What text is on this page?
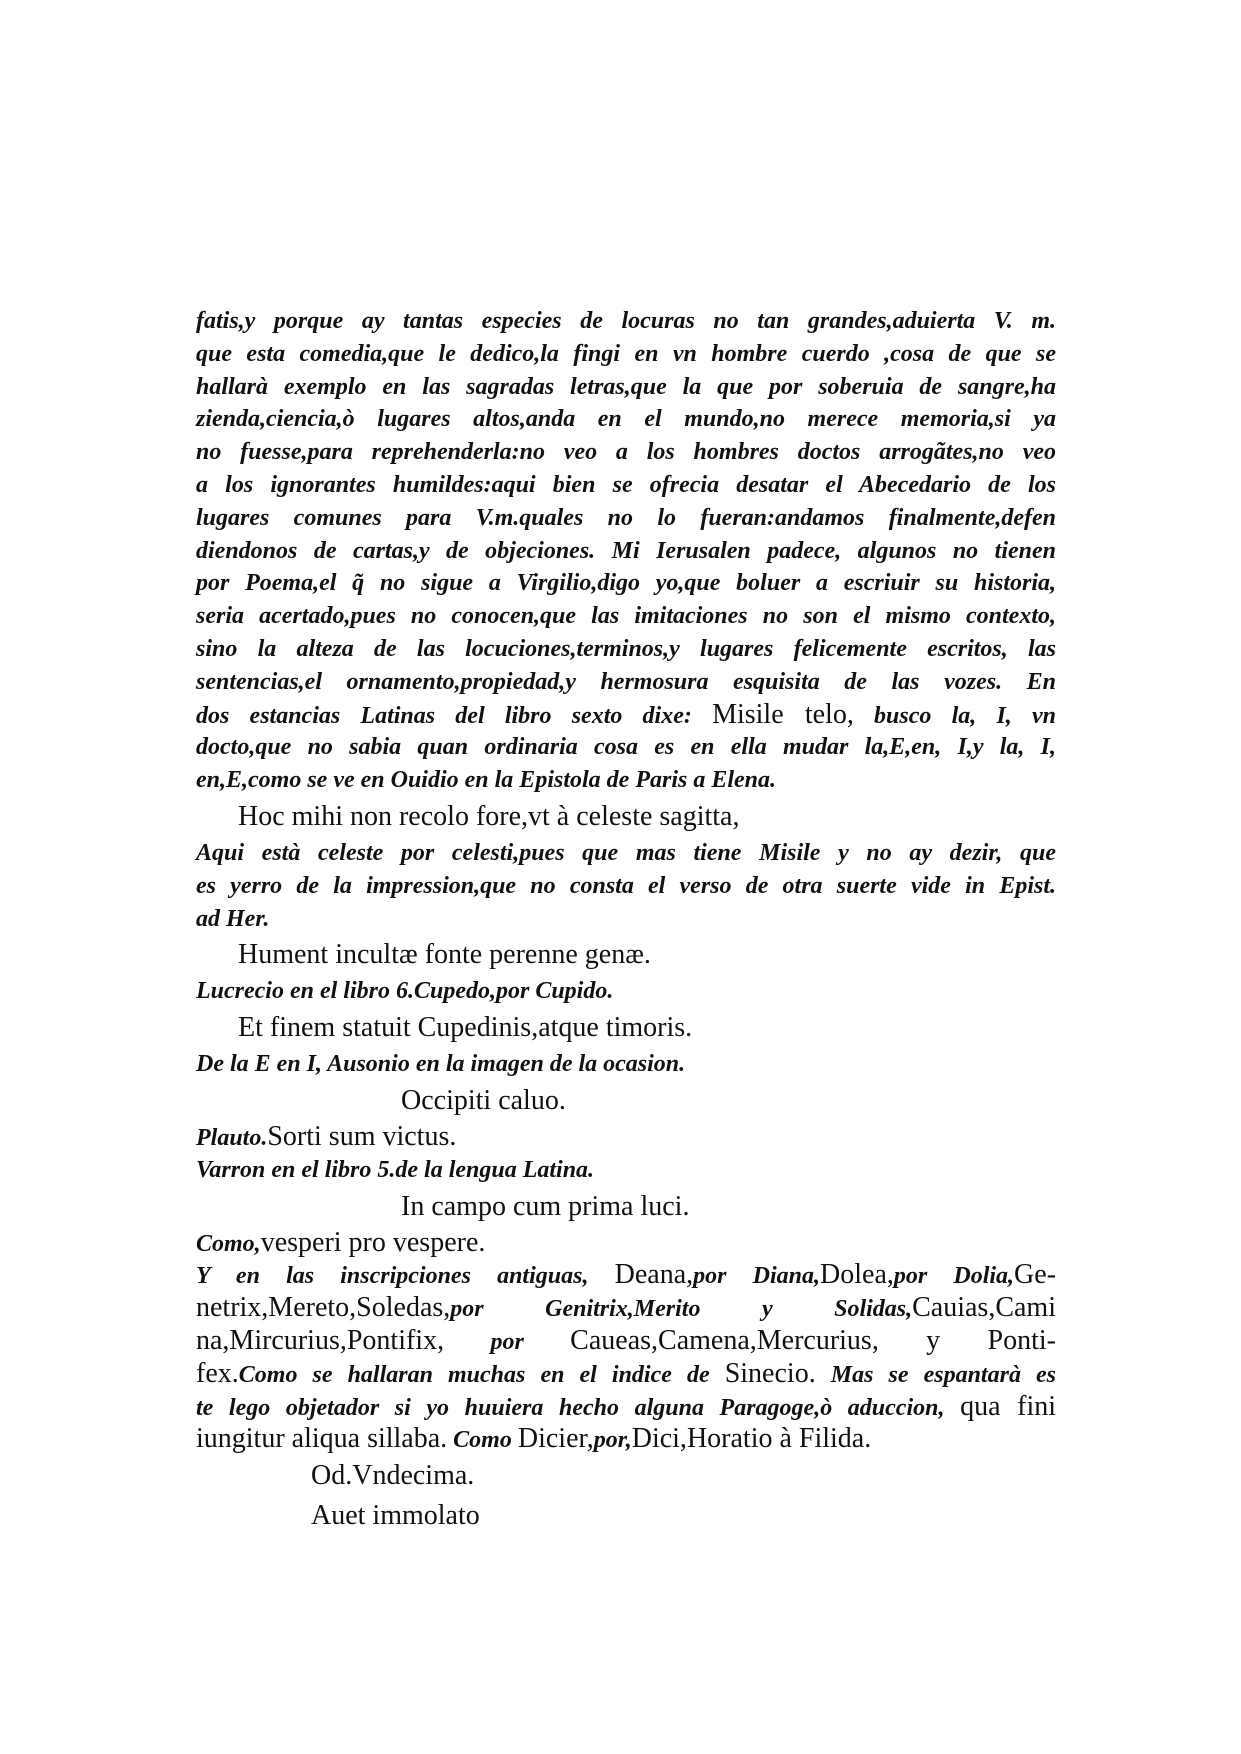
fatis,y porque ay tantas especies de locuras no tan grandes,aduierta V. m.
que esta comedia,que le dedico,la fingi en vn hombre cuerdo ,cosa de que se
hallarà exemplo en las sagradas letras,que la que por soberuia de sangre,ha
zienda,ciencia,ò lugares altos,anda en el mundo,no merece memoria,si ya
no fuesse,para reprehenderla:no veo a los hombres doctos arrogãtes,no veo
a los ignorantes humildes:aqui bien se ofrecia desatar el Abecedario de los
lugares comunes para V.m.quales no lo fueran:andamos finalmente,defen
diendonos de cartas,y de objeciones. Mi Ierusalen padece, algunos no tienen
por Poema,el q̃ no sigue a Virgilio,digo yo,que boluer a escriuir su historia,
seria acertado,pues no conocen,que las imitaciones no son el mismo contexto,
sino la alteza de las locuciones,terminos,y lugares felicemente escritos, las
sentencias,el ornamento,propiedad,y hermosura esquisita de las vozes. En
dos estancias Latinas del libro sexto dixe: Misile telo, busco la, I, vn
docto,que no sabia quan ordinaria cosa es en ella mudar la,E,en, I,y la, I,
en,E,como se ve en Ouidio en la Epistola de Paris a Elena.
Hoc mihi non recolo fore,vt à celeste sagitta,
Aqui està celeste por celesti,pues que mas tiene Misile y no ay dezir, que
es yerro de la impression,que no consta el verso de otra suerte vide in Epist.
ad Her.
Hument incultæ fonte perenne genæ.
Lucrecio en el libro 6.Cupedo,por Cupido.
Et finem statuit Cupedinis,atque timoris.
De la E en I, Ausonio en la imagen de la ocasion.
Occipiti caluo.
Plauto.Sorti sum victus.
Varron en el libro 5.de la lengua Latina.
In campo cum prima luci.
Como,vesperi pro vespere.
Y en las inscripciones antiguas, Deana,por Diana,Dolea,por Dolia,Ge-
netrix,Mereto,Soledas,por Genitrix,Merito y Solidas,Cauias,Cami
na,Mircurius,Pontifix, por Caueas,Camena,Mercurius, y Ponti-
fex.Como se hallaran muchas en el indice de Sinecio. Mas se espantarà es
te lego objetador si yo huuiera hecho alguna Paragoge,ò aduccion, qua fini
iungitur aliqua sillaba. Como Dicier,por,Dici,Horatio à Filida.
Od.Vndecima.
Auet immolato
